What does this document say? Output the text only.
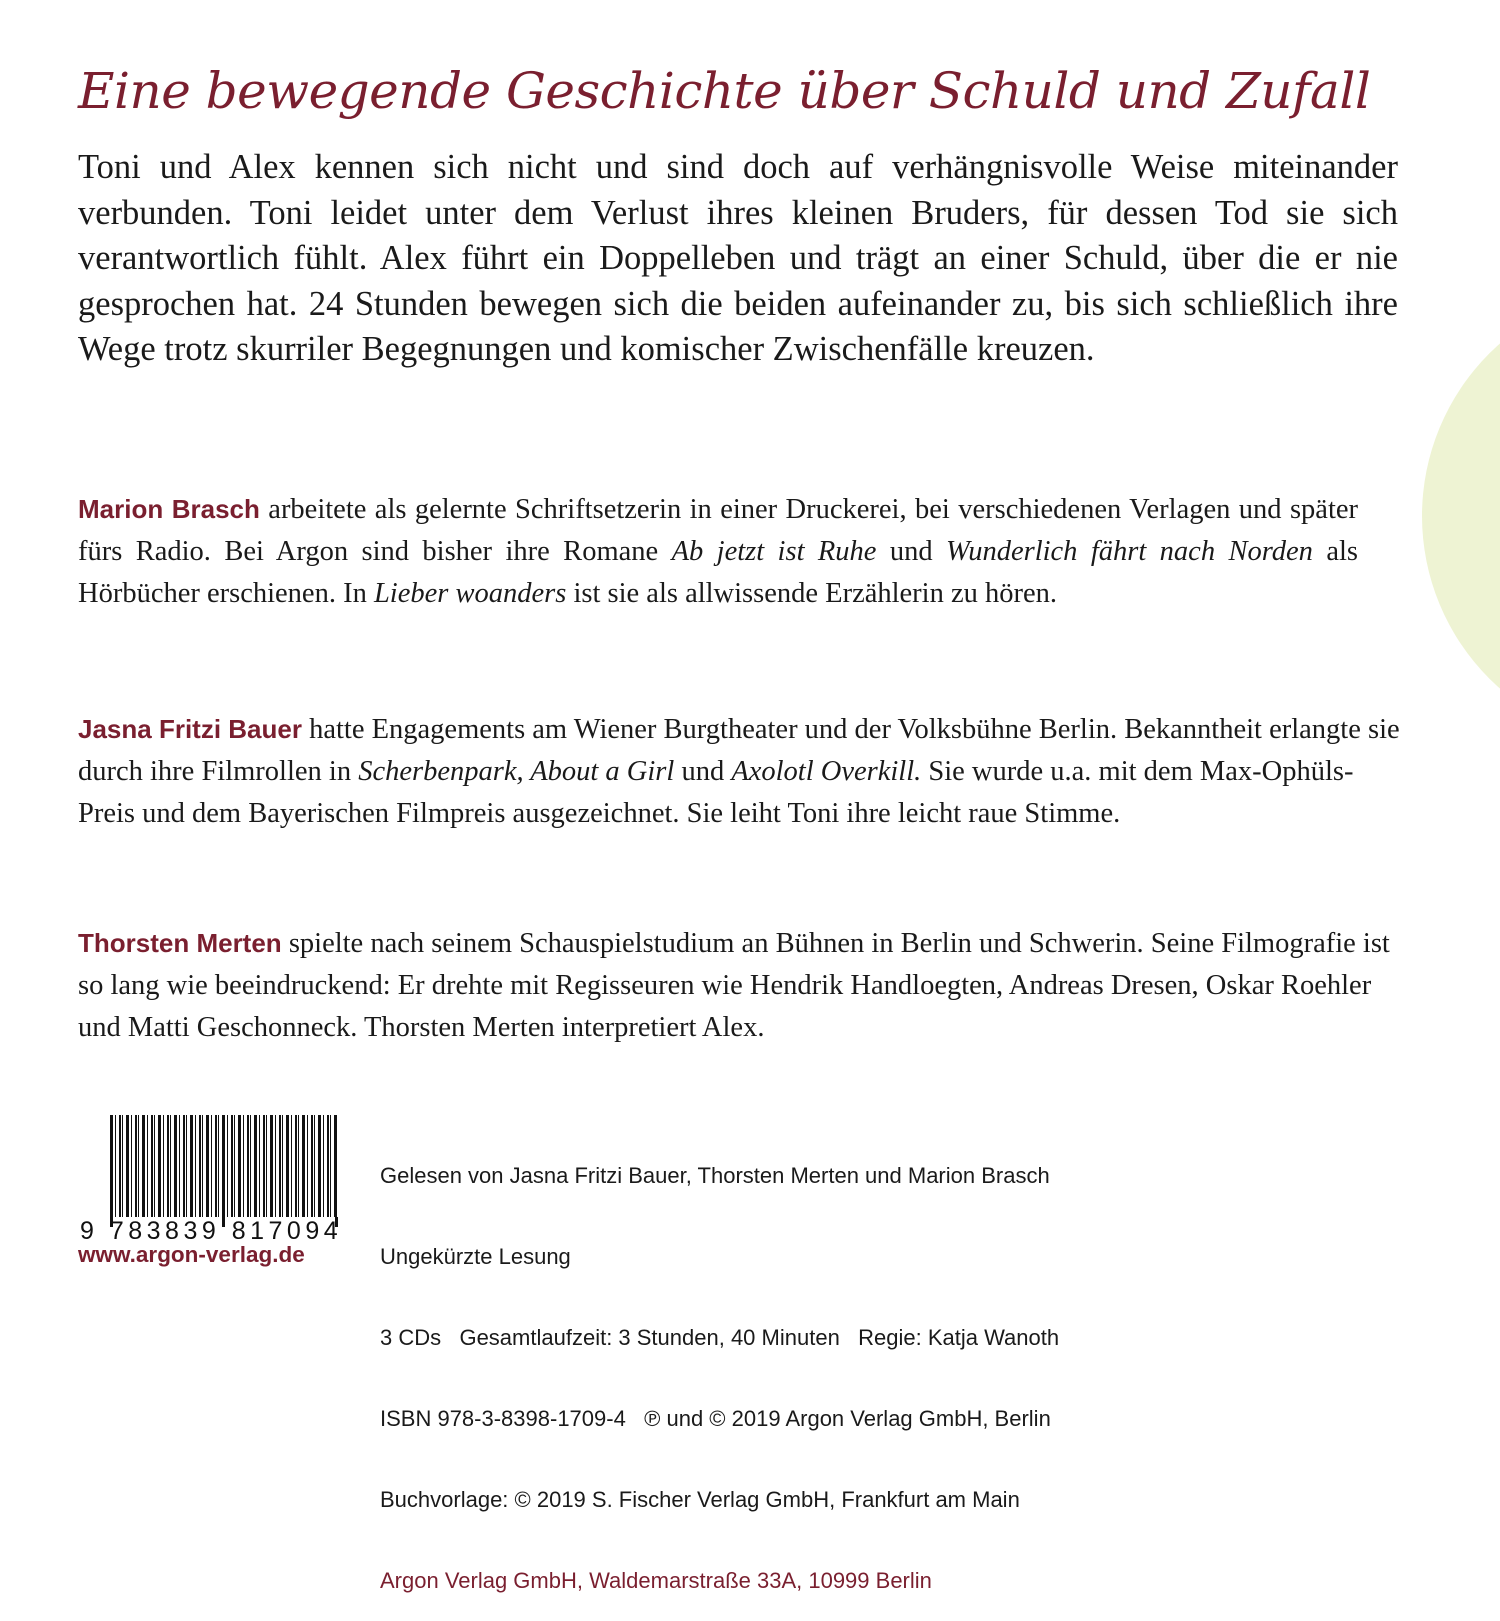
Eine bewegende Geschichte über Schuld und Zufall

Toni und Alex kennen sich nicht und sind doch auf verhängnisvolle Weise miteinander verbunden. Toni leidet unter dem Verlust ihres kleinen Bruders, für dessen Tod sie sich verantwortlich fühlt. Alex führt ein Doppelleben und trägt an einer Schuld, über die er nie gesprochen hat. 24 Stunden bewegen sich die beiden aufeinander zu, bis sich schließlich ihre Wege trotz skurriler Begegnungen und komischer Zwischenfälle kreuzen.

Marion Brasch arbeitete als gelernte Schriftsetzerin in einer Druckerei, bei verschiedenen Verlagen und später fürs Radio. Bei Argon sind bisher ihre Romane Ab jetzt ist Ruhe und Wunderlich fährt nach Norden als Hörbücher erschienen. In Lieber woanders ist sie als allwissende Erzählerin zu hören.

Jasna Fritzi Bauer hatte Engagements am Wiener Burgtheater und der Volksbühne Berlin. Bekanntheit erlangte sie durch ihre Filmrollen in Scherbenpark, About a Girl und Axolotl Overkill. Sie wurde u.a. mit dem Max-Ophüls-Preis und dem Bayerischen Filmpreis ausgezeichnet. Sie leiht Toni ihre leicht raue Stimme.

Thorsten Merten spielte nach seinem Schauspielstudium an Bühnen in Berlin und Schwerin. Seine Filmografie ist so lang wie beeindruckend: Er drehte mit Regisseuren wie Hendrik Handloegten, Andreas Dresen, Oskar Roehler und Matti Geschonneck. Thorsten Merten interpretiert Alex.

9 783839 817094

www.argon-verlag.de

Gelesen von Jasna Fritzi Bauer, Thorsten Merten und Marion Brasch

Ungekürzte Lesung

3 CDs   Gesamtlaufzeit: 3 Stunden, 40 Minuten   Regie: Katja Wanoth

ISBN 978-3-8398-1709-4   ℗ und © 2019 Argon Verlag GmbH, Berlin

Buchvorlage: © 2019 S. Fischer Verlag GmbH, Frankfurt am Main

Argon Verlag GmbH, Waldemarstraße 33A, 10999 Berlin
